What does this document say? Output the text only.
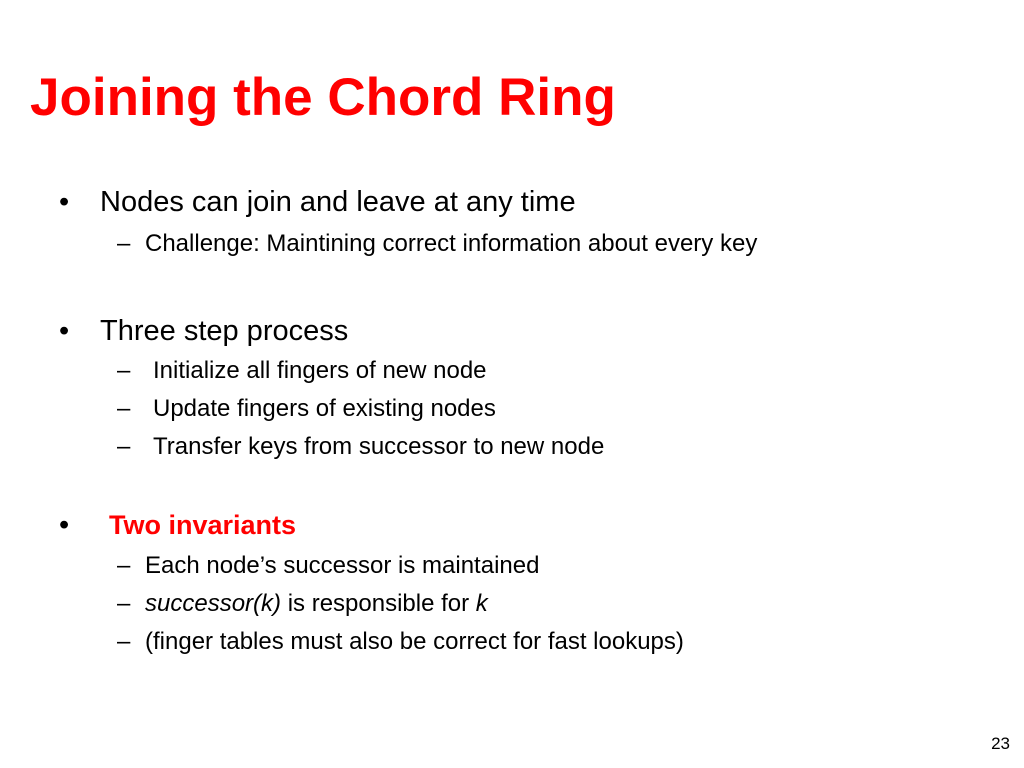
Joining the Chord Ring
• Nodes can join and leave at any time
– Challenge: Maintining correct information about every key
• Three step process
– Initialize all fingers of new node
– Update fingers of existing nodes
– Transfer keys from successor to new node
• Two invariants
– Each node’s successor is maintained
– successor(k) is responsible for k
– (finger tables must also be correct for fast lookups)
23
